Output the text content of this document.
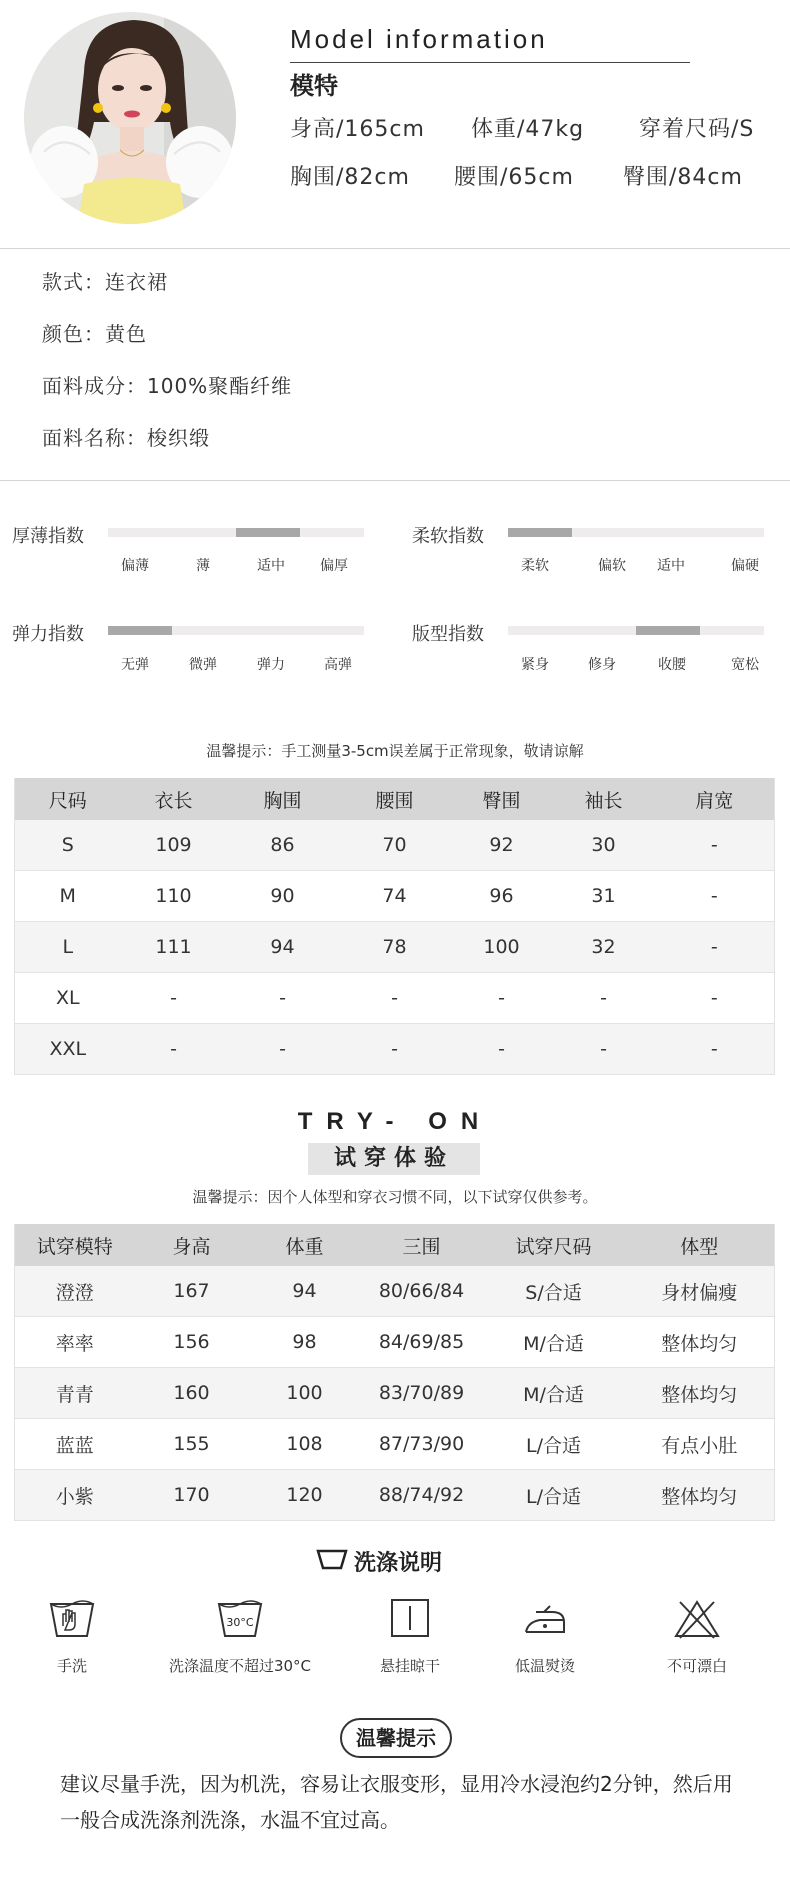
Model information
模特
身高/165cm 体重/47kg 穿着尺码/S
胸围/82cm 腰围/65cm 臀围/84cm
款式：连衣裙
颜色：黄色
面料成分：100%聚酯纤维
面料名称：梭织缎
厚薄指数
偏薄	薄	适中	偏厚
柔软指数
柔软	偏软	适中	偏硬
弹力指数
无弹	微弹	弹力	高弹
版型指数
紧身	修身	收腰	宽松
温馨提示：手工测量3-5cm误差属于正常现象，敬请谅解
尺码	衣长	胸围	腰围	臀围	袖长	肩宽
S	109	86	70	92	30	-
M	110	90	74	96	31	-
L	111	94	78	100	32	-
XL	-	-	-	-	-	-
XXL	-	-	-	-	-	-
TRY- ON
试穿体验
温馨提示：因个人体型和穿衣习惯不同，以下试穿仅供参考。
试穿模特	身高	体重	三围	试穿尺码	体型
澄澄	167	94	80/66/84	S/合适	身材偏瘦
率率	156	98	84/69/85	M/合适	整体均匀
青青	160	100	83/70/89	M/合适	整体均匀
蓝蓝	155	108	87/73/90	L/合适	有点小肚
小紫	170	120	88/74/92	L/合适	整体均匀
洗涤说明
30°C
手洗	洗涤温度不超过30°C	悬挂晾干	低温熨烫	不可漂白
温馨提示
建议尽量手洗，因为机洗，容易让衣服变形，显用冷水浸泡约2分钟，然后用一般合成洗涤剂洗涤，水温不宜过高。
